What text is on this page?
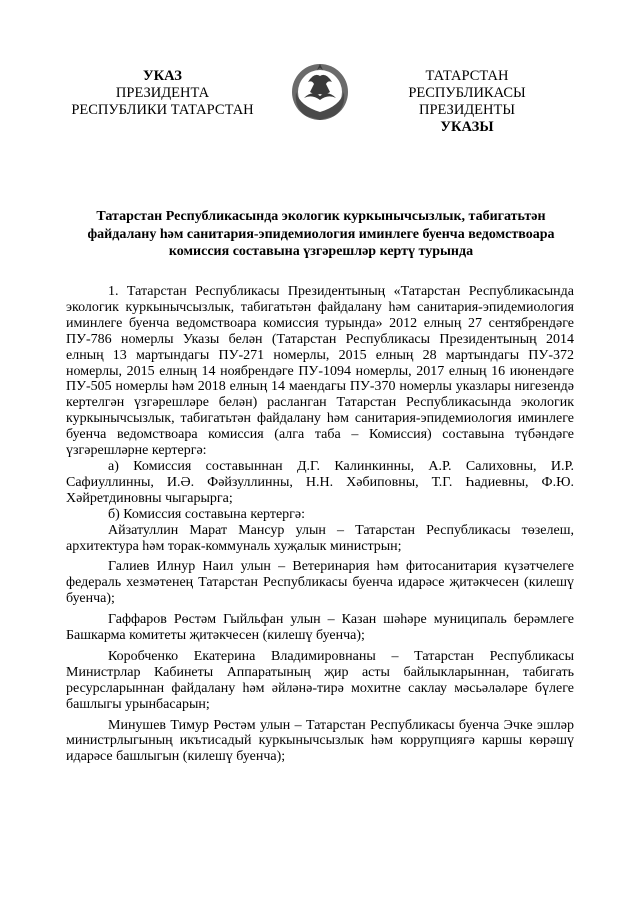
УКАЗ
ПРЕЗИДЕНТА
РЕСПУБЛИКИ ТАТАРСТАН
ТАТАРСТАН РЕСПУБЛИКАСЫ
ПРЕЗИДЕНТЫ
УКАЗЫ
Татарстан Республикасында экологик куркынычсызлык, табигатьтән файдалану һәм санитария-эпидемиология иминлеге буенча ведомствоара комиссия составына үзгәрешләр кертү турында

1. Татарстан Республикасы Президентының «Татарстан Республикасында экологик куркынычсызлык, табигатьтән файдалану һәм санитария-эпидемиология иминлеге буенча ведомствоара комиссия турында» 2012 елның 27 сентябрендәге ПУ-786 номерлы Указы белән (Татарстан Республикасы Президентының 2014 елның 13 мартындагы ПУ-271 номерлы, 2015 елның 28 мартындагы ПУ-372 номерлы, 2015 елның 14 ноябрендәге ПУ-1094 номерлы, 2017 елның 16 июнендәге ПУ-505 номерлы һәм 2018 елның 14 маендагы ПУ-370 номерлы указлары нигезендә кертелгән үзгәрешләре белән) расланган Татарстан Республикасында экологик куркынычсызлык, табигатьтән файдалану һәм санитария-эпидемиология иминлеге буенча ведомствоара комиссия (алга таба – Комиссия) составына түбәндәге үзгәрешләрне кертергә:

а) Комиссия составыннан Д.Г. Калинкинны, А.Р. Салиховны, И.Р. Сафиуллинны, И.Ә. Фәйзуллинны, Н.Н. Хәбиповны, Т.Г. Һадиевны, Ф.Ю. Хәйретдиновны чыгарырга;

б) Комиссия составына кертергә:

Айзатуллин Марат Мансур улын – Татарстан Республикасы төзелеш, архитектура һәм торак-коммуналь хуҗалык министрын;

Галиев Илнур Наил улын – Ветеринария һәм фитосанитария күзәтчелеге федераль хезмәтенең Татарстан Республикасы буенча идарәсе җитәкчесен (килешү буенча);

Гаффаров Рөстәм Гыйльфан улын – Казан шәһәре муниципаль берәмлеге Башкарма комитеты җитәкчесен (килешү буенча);

Коробченко Екатерина Владимировнаны – Татарстан Республикасы Министрлар Кабинеты Аппаратының җир асты байлыкларыннан, табигать ресурсларыннан файдалану һәм әйләнә-тирә мохитне саклау мәсьәләләре бүлеге башлыгы урынбасарын;

Минушев Тимур Рөстәм улын – Татарстан Республикасы буенча Эчке эшләр министрлыгының икътисадый куркынычсызлык һәм коррупциягә каршы көрәшү идарәсе башлыгын (килешү буенча);
